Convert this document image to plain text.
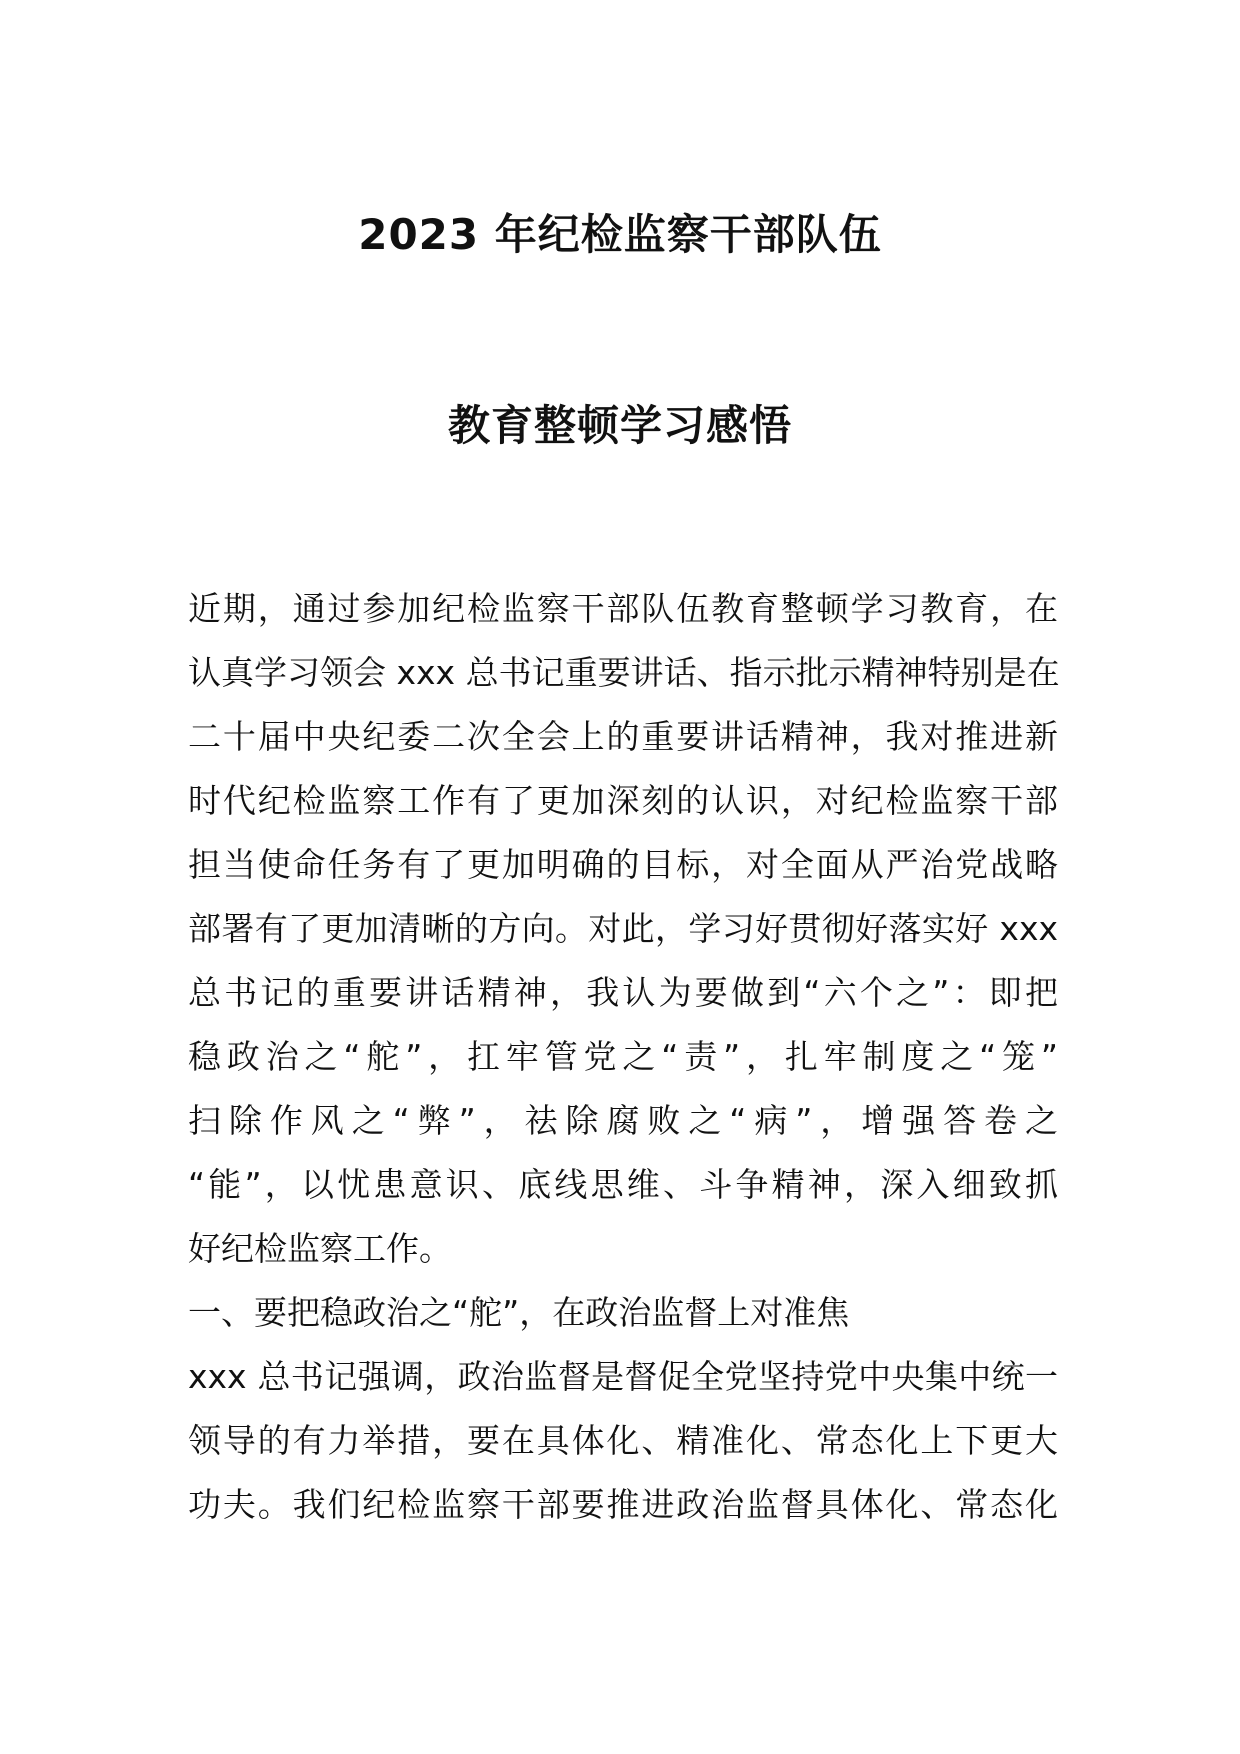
2023 年纪检监察干部队伍
教育整顿学习感悟
近期，通过参加纪检监察干部队伍教育整顿学习教育，在
认真学习领会 xxx 总书记重要讲话、指示批示精神特别是在
二十届中央纪委二次全会上的重要讲话精神，我对推进新
时代纪检监察工作有了更加深刻的认识，对纪检监察干部
担当使命任务有了更加明确的目标，对全面从严治党战略
部署有了更加清晰的方向。对此，学习好贯彻好落实好 xxx
总书记的重要讲话精神，我认为要做到“六个之”：即把
稳政治之“舵”，扛牢管党之“责”，扎牢制度之“笼”
扫除作风之“弊”，祛除腐败之“病”，增强答卷之
“能”，以忧患意识、底线思维、斗争精神，深入细致抓
好纪检监察工作。
一、要把稳政治之“舵”，在政治监督上对准焦
xxx 总书记强调，政治监督是督促全党坚持党中央集中统一
领导的有力举措，要在具体化、精准化、常态化上下更大
功夫。我们纪检监察干部要推进政治监督具体化、常态化
